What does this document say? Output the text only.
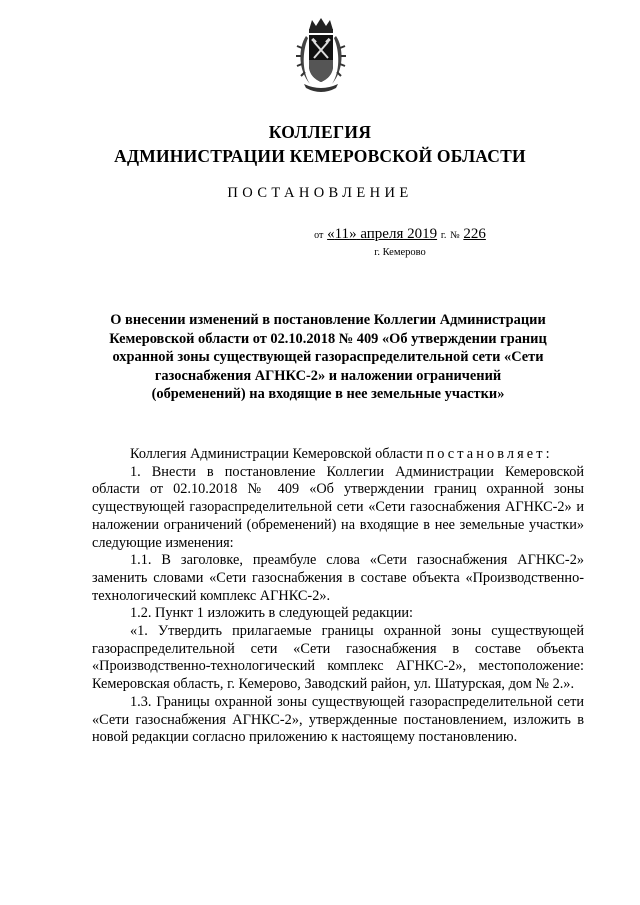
КОЛЛЕГИЯ
АДМИНИСТРАЦИИ КЕМЕРОВСКОЙ ОБЛАСТИ
ПОСТАНОВЛЕНИЕ
от «11» апреля 2019 г. № 226
г. Кемерово
О внесении изменений в постановление Коллегии Администрации Кемеровской области от 02.10.2018 № 409 «Об утверждении границ охранной зоны существующей газораспределительной сети «Сети газоснабжения АГНКС-2» и наложении ограничений (обременений) на входящие в нее земельные участки»

Коллегия Администрации Кемеровской области постановляет:

1. Внести в постановление Коллегии Администрации Кемеровской области от 02.10.2018 № 409 «Об утверждении границ охранной зоны существующей газораспределительной сети «Сети газоснабжения АГНКС-2» и наложении ограничений (обременений) на входящие в нее земельные участки» следующие изменения:

1.1. В заголовке, преамбуле слова «Сети газоснабжения АГНКС-2» заменить словами «Сети газоснабжения в составе объекта «Производственно-технологический комплекс АГНКС-2».

1.2. Пункт 1 изложить в следующей редакции:

«1. Утвердить прилагаемые границы охранной зоны существующей газораспределительной сети «Сети газоснабжения в составе объекта «Производственно-технологический комплекс АГНКС-2», местоположение: Кемеровская область, г. Кемерово, Заводский район, ул. Шатурская, дом № 2.».

1.3. Границы охранной зоны существующей газораспределительной сети «Сети газоснабжения АГНКС-2», утвержденные постановлением, изложить в новой редакции согласно приложению к настоящему постановлению.
